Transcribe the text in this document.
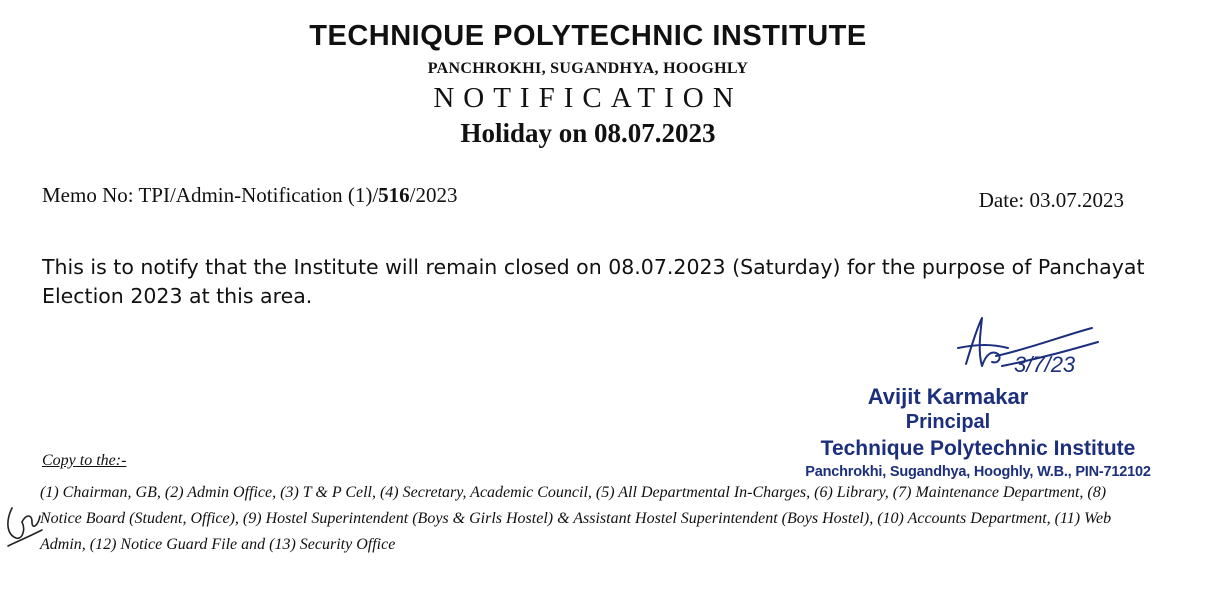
TECHNIQUE POLYTECHNIC INSTITUTE
PANCHROKHI, SUGANDHYA, HOOGHLY
NOTIFICATION
Holiday on 08.07.2023
Memo No: TPI/Admin-Notification (1)/516/2023	Date: 03.07.2023
This is to notify that the Institute will remain closed on 08.07.2023 (Saturday) for the purpose of Panchayat Election 2023 at this area.
3/7/23
Avijit Karmakar
Principal
Technique Polytechnic Institute
Panchrokhi, Sugandhya, Hooghly, W.B., PIN-712102
Copy to the:-
(1) Chairman, GB, (2) Admin Office, (3) T & P Cell, (4) Secretary, Academic Council, (5) All Departmental In-Charges, (6) Library, (7) Maintenance Department, (8) Notice Board (Student, Office), (9) Hostel Superintendent (Boys & Girls Hostel) & Assistant Hostel Superintendent (Boys Hostel), (10) Accounts Department, (11) Web Admin, (12) Notice Guard File and (13) Security Office
